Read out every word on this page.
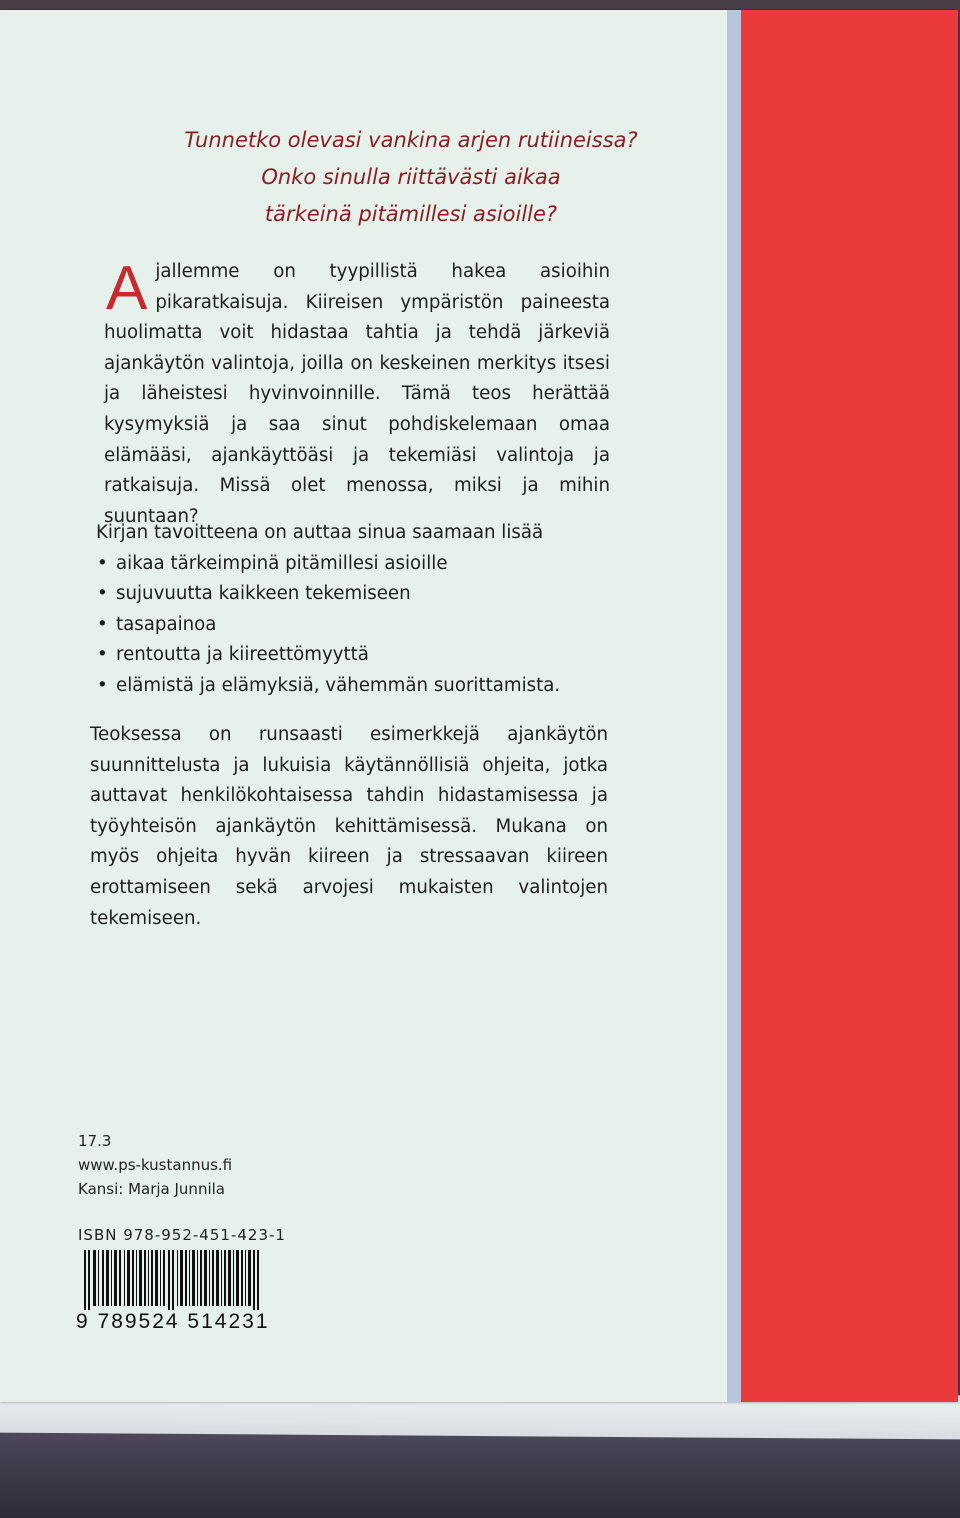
Tunnetko olevasi vankina arjen rutiineissa?
Onko sinulla riittävästi aikaa
tärkeinä pitämillesi asioille?
A jallemme on tyypillistä hakea asioihin pikaratkaisuja. Kiireisen ympäristön paineesta huolimatta voit hidastaa tahtia ja tehdä järkeviä ajankäytön valintoja, joilla on keskeinen merkitys itsesi ja läheistesi hyvinvoinnille. Tämä teos herättää kysymyksiä ja saa sinut pohdiskelemaan omaa elämääsi, ajankäyttöäsi ja tekemiäsi valintoja ja ratkaisuja. Missä olet menossa, miksi ja mihin suuntaan?
Kirjan tavoitteena on auttaa sinua saamaan lisää
• aikaa tärkeimpinä pitämillesi asioille
• sujuvuutta kaikkeen tekemiseen
• tasapainoa
• rentoutta ja kiireettömyyttä
• elämistä ja elämyksiä, vähemmän suorittamista.
Teoksessa on runsaasti esimerkkejä ajankäytön suunnittelusta ja lukuisia käytännöllisiä ohjeita, jotka auttavat henkilökohtaisessa tahdin hidastamisessa ja työyhteisön ajankäytön kehittämisessä. Mukana on myös ohjeita hyvän kiireen ja stressaavan kiireen erottamiseen sekä arvojesi mukaisten valintojen tekemiseen.
17.3
www.ps-kustannus.fi
Kansi: Marja Junnila
ISBN 978-952-451-423-1
9 789524 514231
